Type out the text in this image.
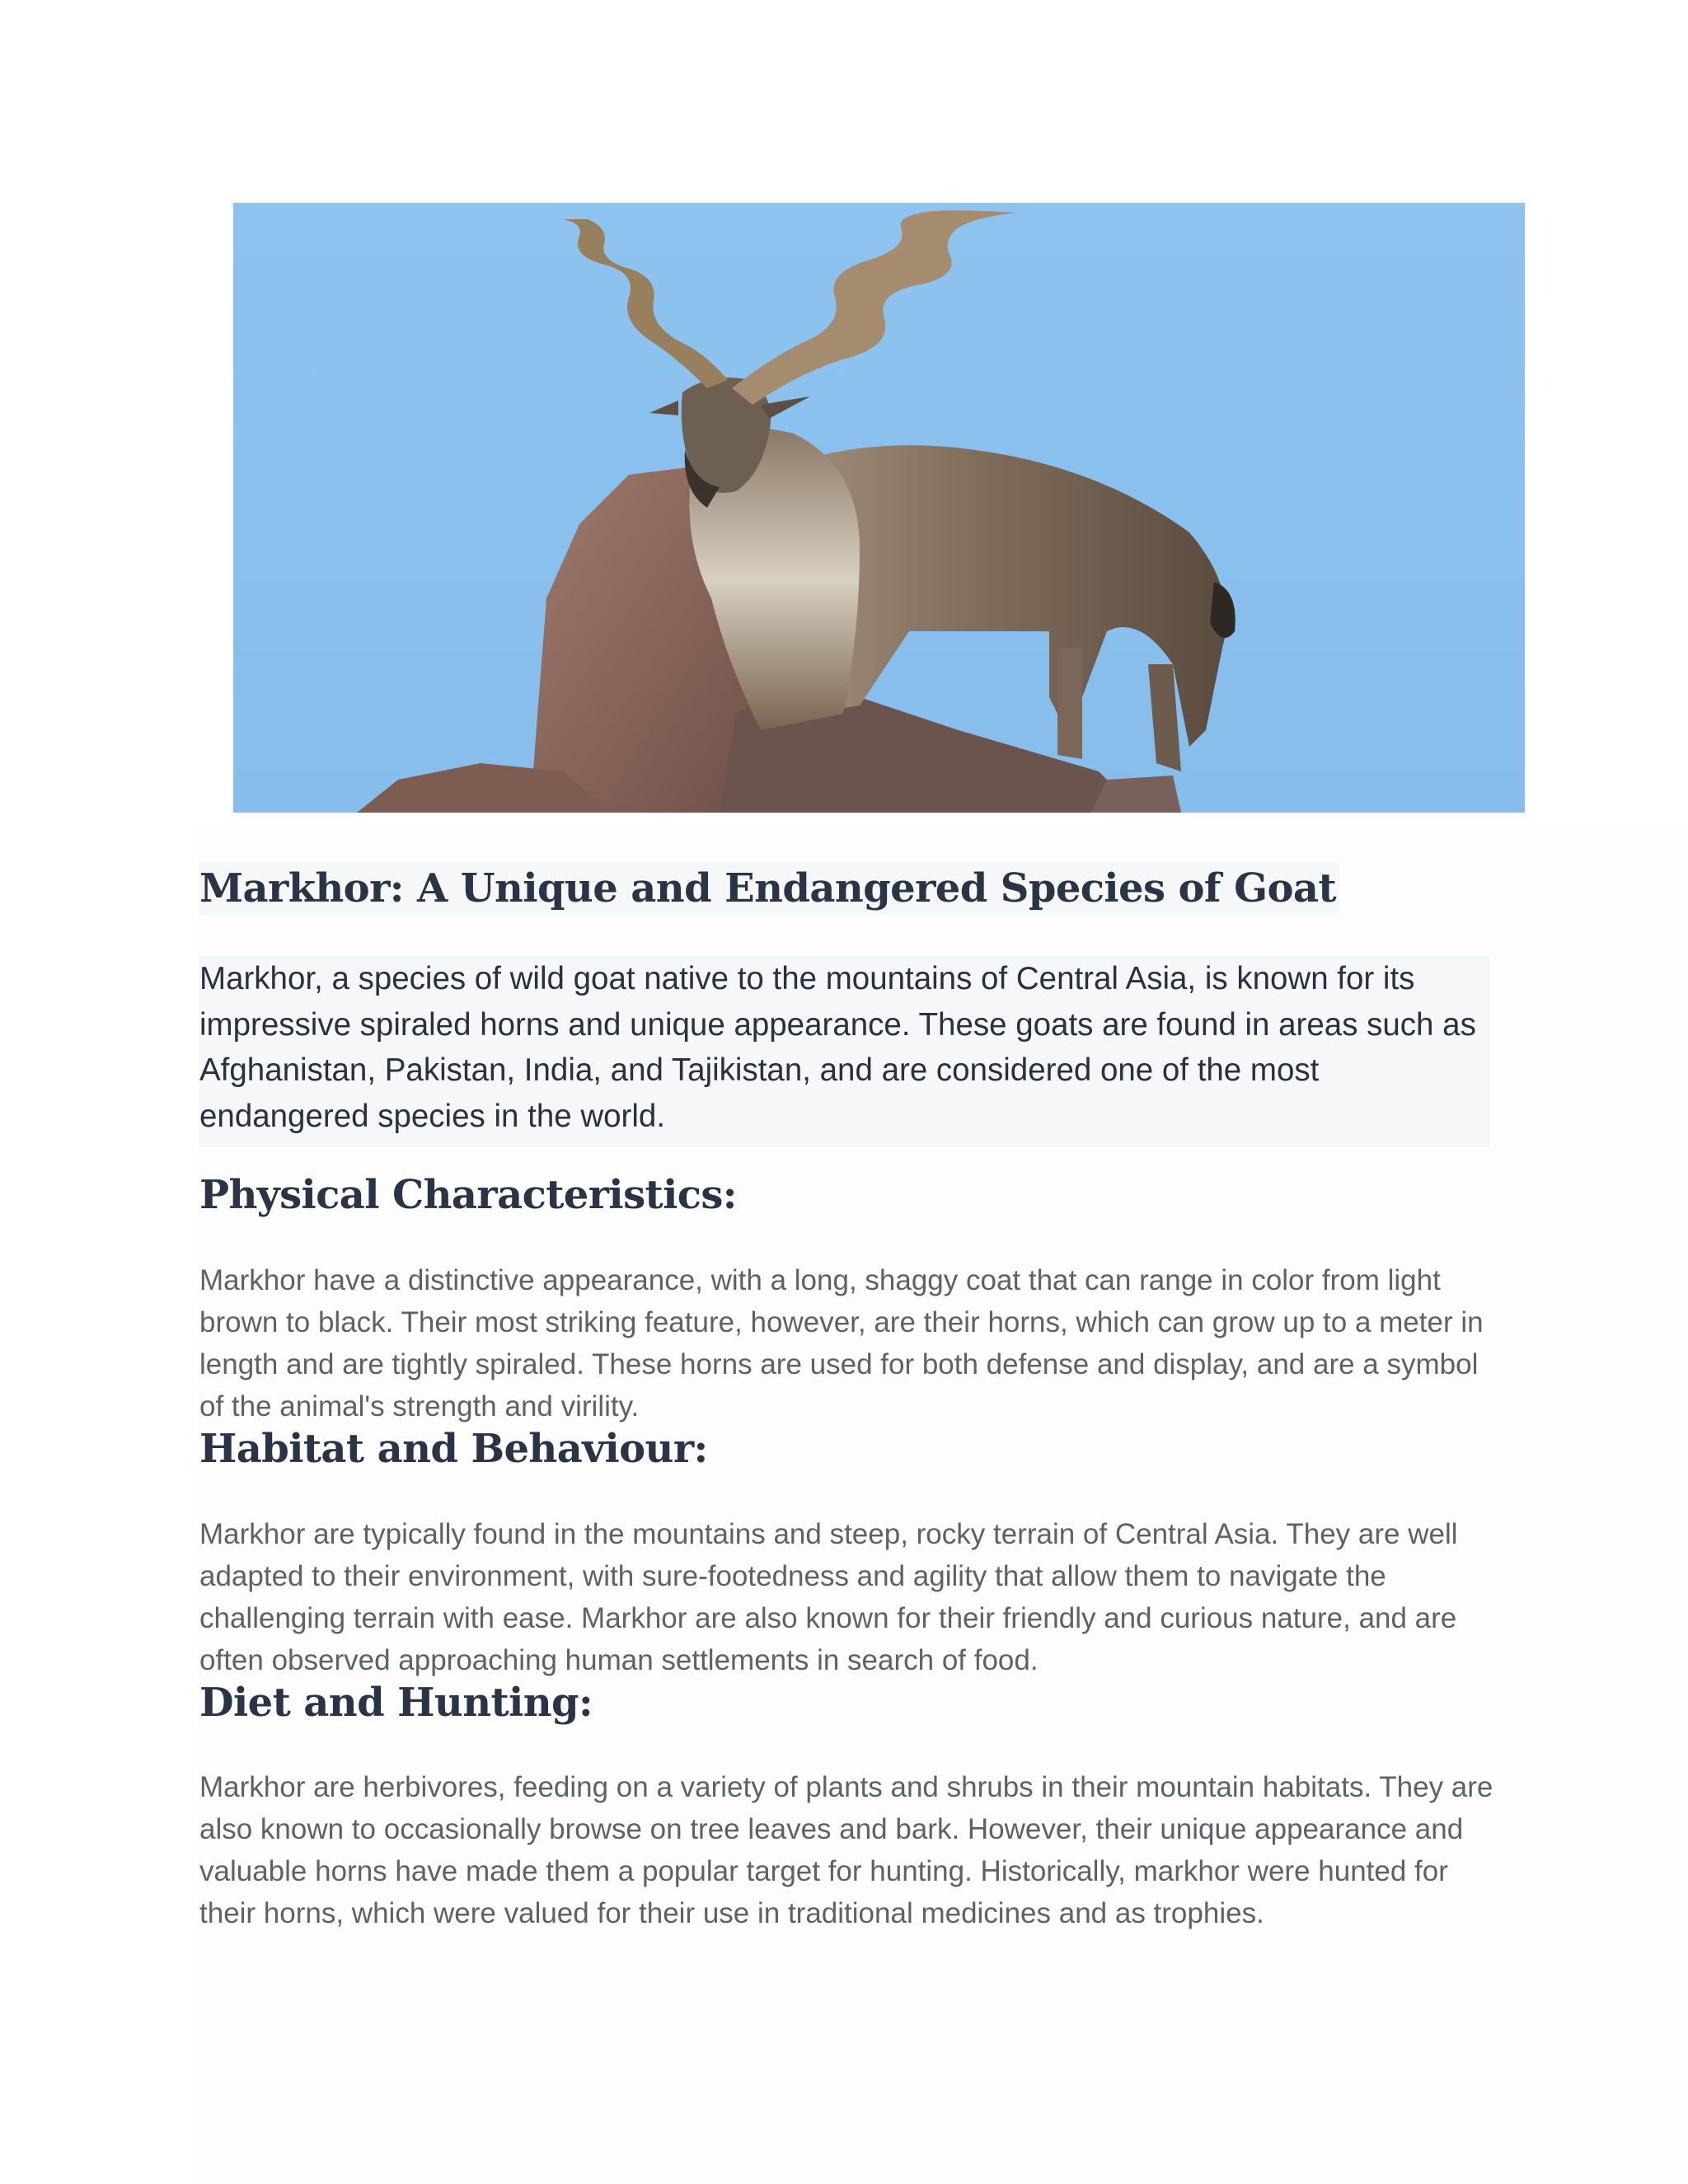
Markhor: A Unique and Endangered Species of Goat

Markhor, a species of wild goat native to the mountains of Central Asia, is known for its impressive spiraled horns and unique appearance. These goats are found in areas such as Afghanistan, Pakistan, India, and Tajikistan, and are considered one of the most endangered species in the world.

Physical Characteristics:

Markhor have a distinctive appearance, with a long, shaggy coat that can range in color from light brown to black. Their most striking feature, however, are their horns, which can grow up to a meter in length and are tightly spiraled. These horns are used for both defense and display, and are a symbol of the animal's strength and virility.

Habitat and Behaviour:

Markhor are typically found in the mountains and steep, rocky terrain of Central Asia. They are well adapted to their environment, with sure-footedness and agility that allow them to navigate the challenging terrain with ease. Markhor are also known for their friendly and curious nature, and are often observed approaching human settlements in search of food.

Diet and Hunting:

Markhor are herbivores, feeding on a variety of plants and shrubs in their mountain habitats. They are also known to occasionally browse on tree leaves and bark. However, their unique appearance and valuable horns have made them a popular target for hunting. Historically, markhor were hunted for their horns, which were valued for their use in traditional medicines and as trophies.
